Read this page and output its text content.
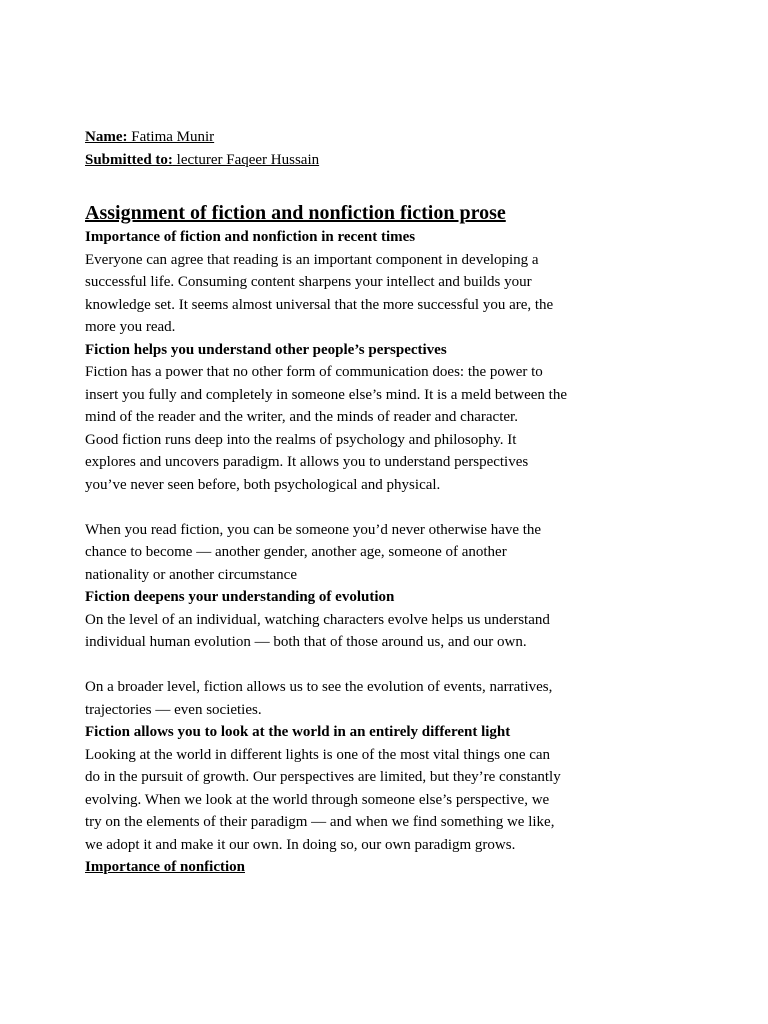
Name: Fatima Munir

Submitted to: lecturer Faqeer Hussain

Assignment of fiction and nonfiction fiction prose

Importance of fiction and nonfiction in recent times

Everyone can agree that reading is an important component in developing a
successful life. Consuming content sharpens your intellect and builds your
knowledge set. It seems almost universal that the more successful you are, the
more you read.

Fiction helps you understand other people’s perspectives

Fiction has a power that no other form of communication does: the power to
insert you fully and completely in someone else’s mind. It is a meld between the
mind of the reader and the writer, and the minds of reader and character.

Good fiction runs deep into the realms of psychology and philosophy. It
explores and uncovers paradigm. It allows you to understand perspectives
you’ve never seen before, both psychological and physical.

When you read fiction, you can be someone you’d never otherwise have the
chance to become — another gender, another age, someone of another
nationality or another circumstance

Fiction deepens your understanding of evolution

On the level of an individual, watching characters evolve helps us understand
individual human evolution — both that of those around us, and our own.

On a broader level, fiction allows us to see the evolution of events, narratives,
trajectories — even societies.

Fiction allows you to look at the world in an entirely different light

Looking at the world in different lights is one of the most vital things one can
do in the pursuit of growth. Our perspectives are limited, but they’re constantly
evolving. When we look at the world through someone else’s perspective, we
try on the elements of their paradigm — and when we find something we like,
we adopt it and make it our own. In doing so, our own paradigm grows.

Importance of nonfiction
